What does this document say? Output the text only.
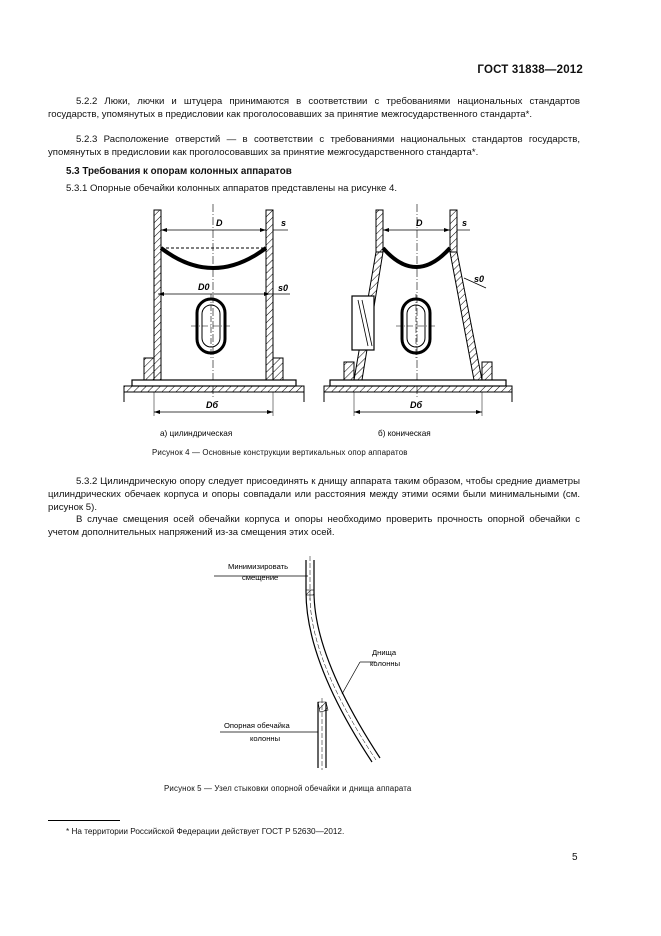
ГОСТ 31838—2012
5.2.2 Люки, лючки и штуцера принимаются в соответствии с требованиями национальных стандартов государств, упомянутых в предисловии как проголосовавших за принятие межгосударственного стандарта*.
5.2.3 Расположение отверстий — в соответствии с требованиями национальных стандартов государств, упомянутых в предисловии как проголосовавших за принятие межгосударственного стандарта*.
5.3 Требования к опорам колонных аппаратов
5.3.1 Опорные обечайки колонных аппаратов представлены на рисунке 4.
D	s
D0	s0
Dб
а) цилиндрическая
D	s
s0
Dб
б) коническая
Рисунок 4 — Основные конструкции вертикальных опор аппаратов
5.3.2 Цилиндрическую опору следует присоединять к днищу аппарата таким образом, чтобы средние диаметры цилиндрических обечаек корпуса и опоры совпадали или расстояния между этими осями были минимальными (см. рисунок 5).
В случае смещения осей обечайки корпуса и опоры необходимо проверить прочность опорной обечайки с учетом дополнительных напряжений из-за смещения этих осей.
Минимизировать
смещение
Днища
колонны
Опорная обечайка
колонны
Рисунок 5 — Узел стыковки опорной обечайки и днища аппарата
* На территории Российской Федерации действует ГОСТ Р 52630—2012.
5
